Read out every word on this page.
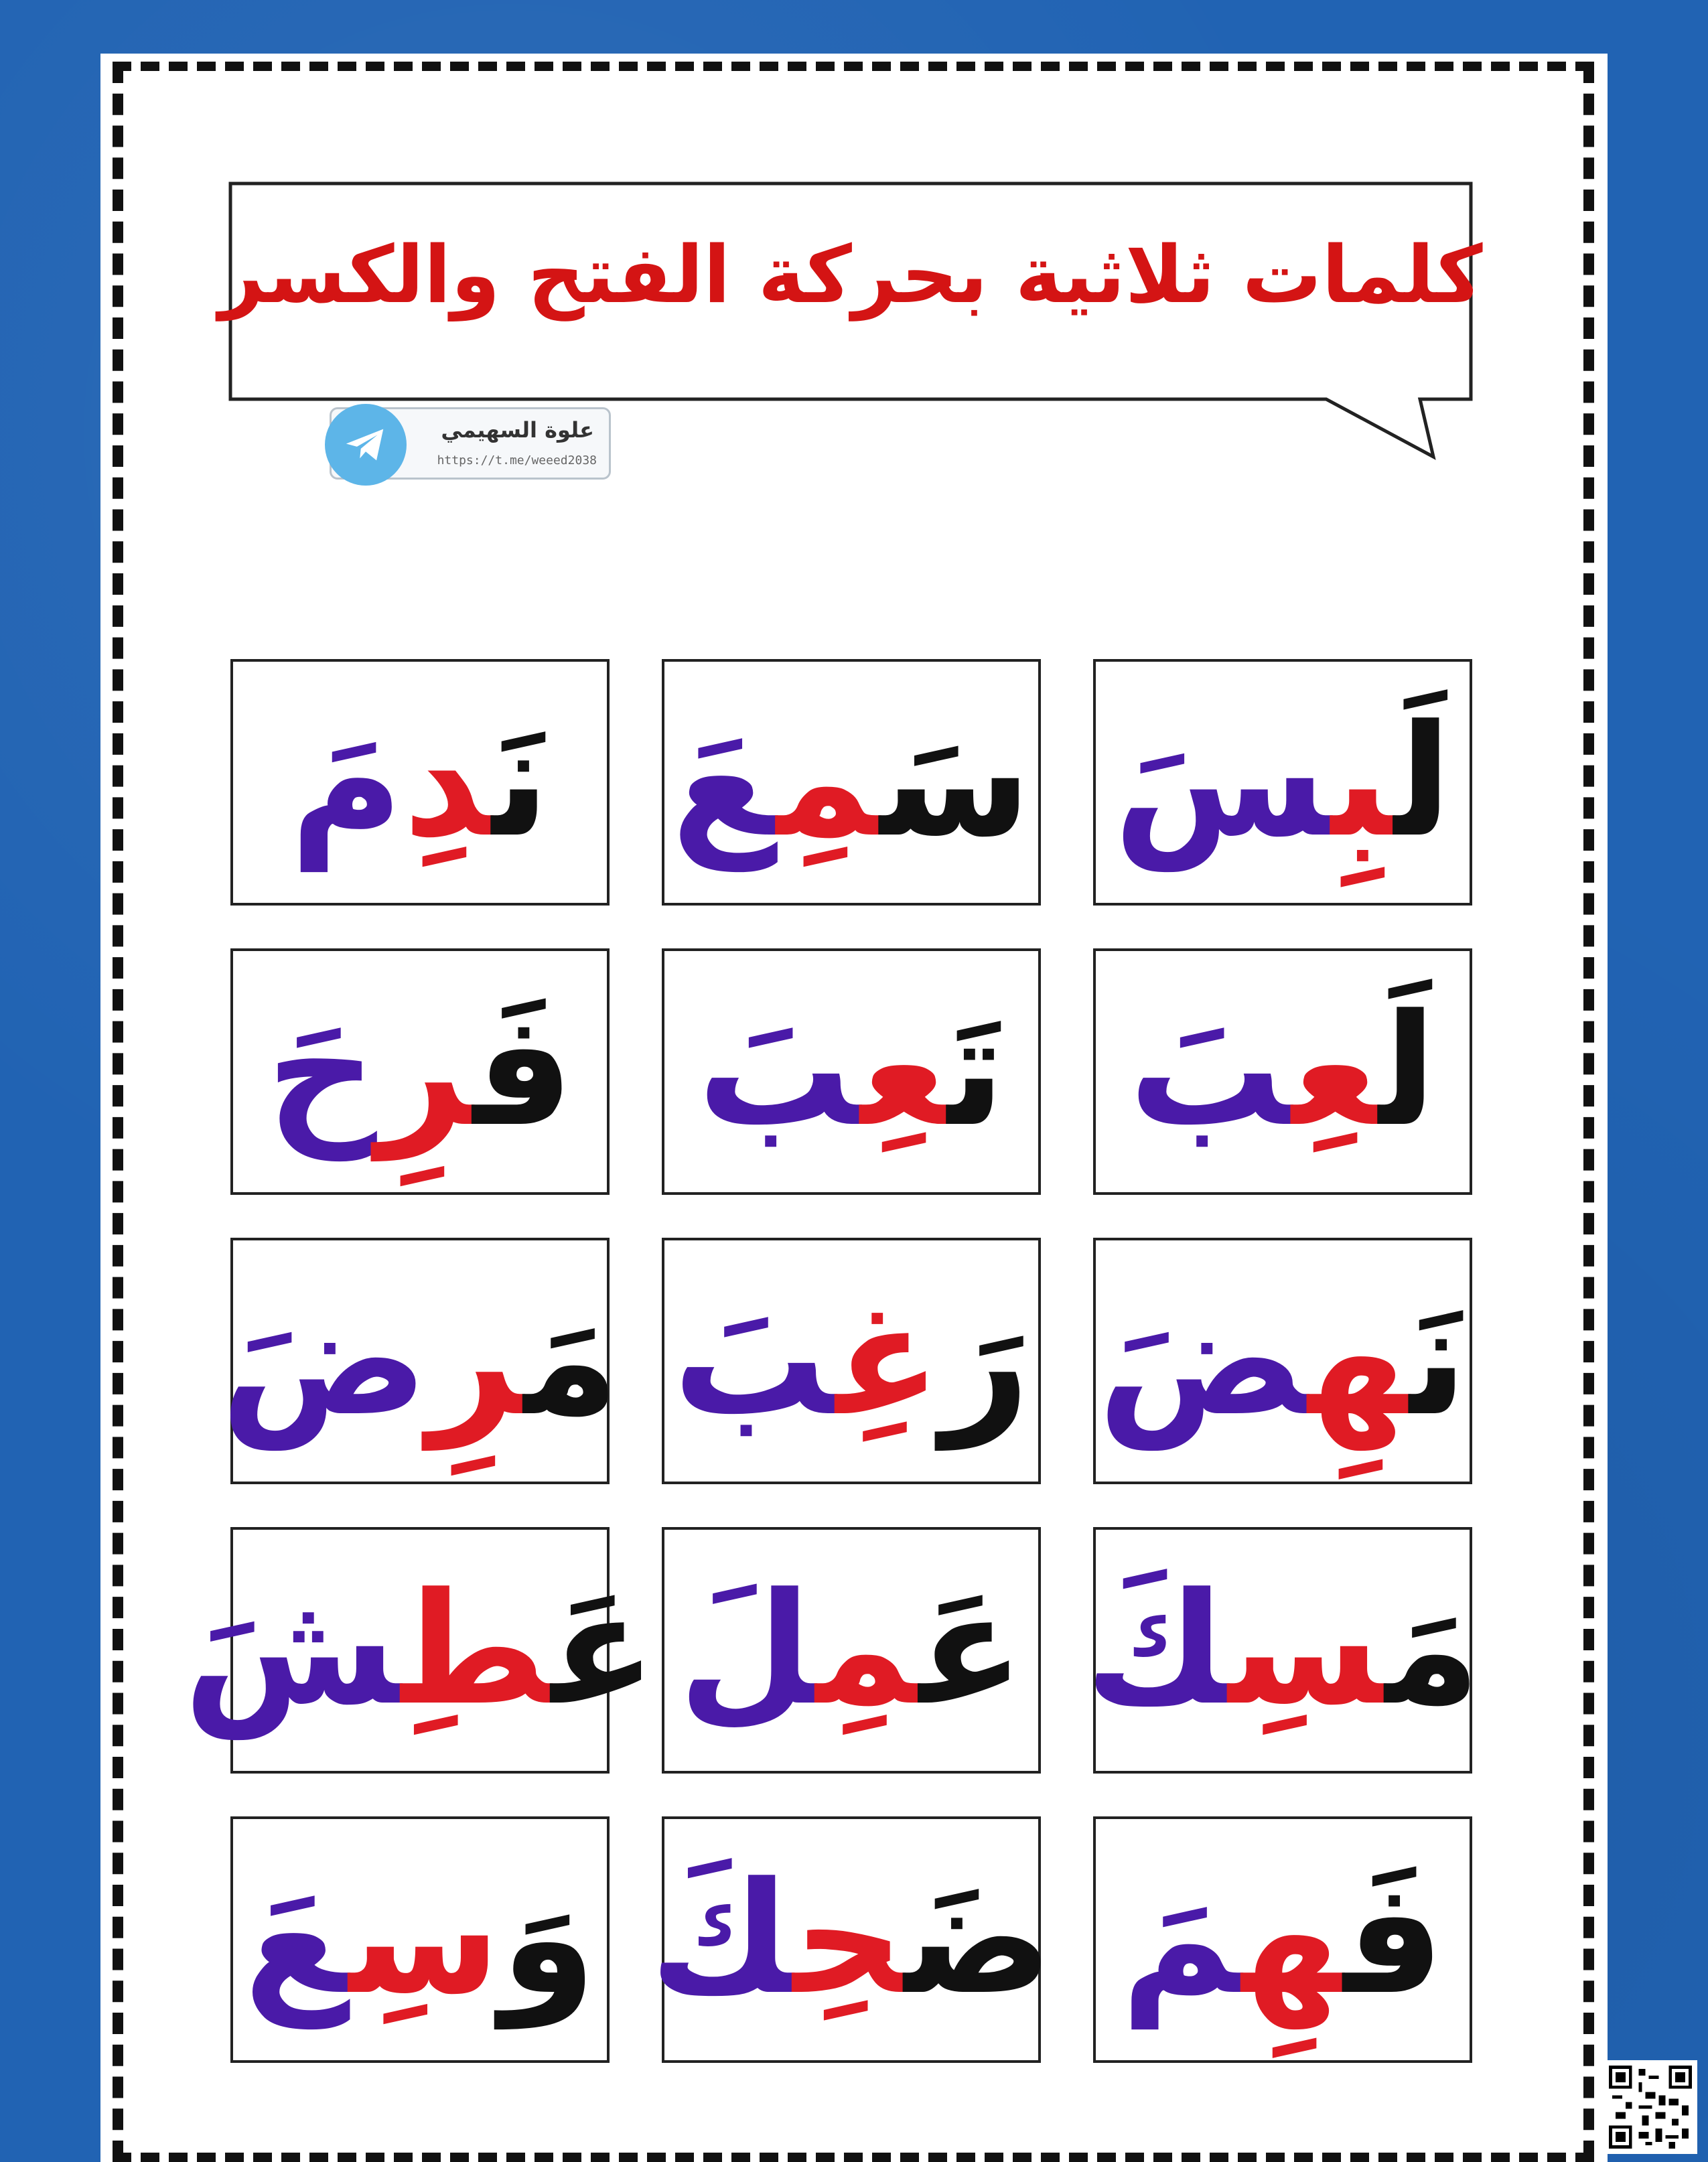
كلمات ثلاثية بحركة الفتح والكسر
علوة السهيمي
https://t.me/weeed2038
لَبِسَ
سَمِعَ
نَدِمَ
لَعِبَ
تَعِبَ
فَرِحَ
نَهِضَ
رَغِبَ
مَرِضَ
مَسِكَ
عَمِلَ
عَطِشَ
فَهِمَ
ضَحِكَ
وَسِعَ
